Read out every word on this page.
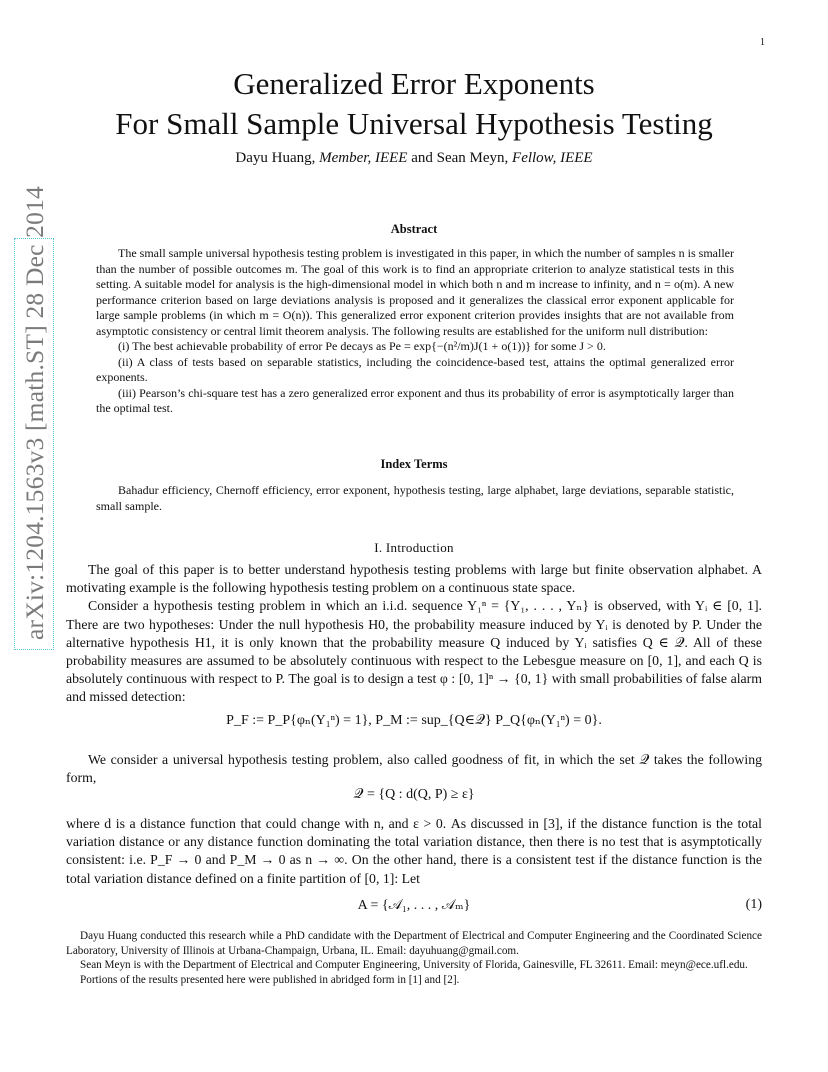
1
arXiv:1204.1563v3 [math.ST] 28 Dec 2014
Generalized Error Exponents
For Small Sample Universal Hypothesis Testing
Dayu Huang, Member, IEEE and Sean Meyn, Fellow, IEEE
Abstract

The small sample universal hypothesis testing problem is investigated in this paper, in which the number of samples n is smaller than the number of possible outcomes m. The goal of this work is to find an appropriate criterion to analyze statistical tests in this setting. A suitable model for analysis is the high-dimensional model in which both n and m increase to infinity, and n = o(m). A new performance criterion based on large deviations analysis is proposed and it generalizes the classical error exponent applicable for large sample problems (in which m = O(n)). This generalized error exponent criterion provides insights that are not available from asymptotic consistency or central limit theorem analysis. The following results are established for the uniform null distribution:

(i) The best achievable probability of error Pe decays as Pe = exp{−(n²/m)J(1 + o(1))} for some J > 0.

(ii) A class of tests based on separable statistics, including the coincidence-based test, attains the optimal generalized error exponents.

(iii) Pearson’s chi-square test has a zero generalized error exponent and thus its probability of error is asymptotically larger than the optimal test.

Index Terms

Bahadur efficiency, Chernoff efficiency, error exponent, hypothesis testing, large alphabet, large deviations, separable statistic, small sample.

I. Introduction

The goal of this paper is to better understand hypothesis testing problems with large but finite observation alphabet. A motivating example is the following hypothesis testing problem on a continuous state space.

Consider a hypothesis testing problem in which an i.i.d. sequence Y₁ⁿ = {Y₁, . . . , Yₙ} is observed, with Yᵢ ∈ [0, 1]. There are two hypotheses: Under the null hypothesis H0, the probability measure induced by Yᵢ is denoted by P. Under the alternative hypothesis H1, it is only known that the probability measure Q induced by Yᵢ satisfies Q ∈ 𝒬. All of these probability measures are assumed to be absolutely continuous with respect to the Lebesgue measure on [0, 1], and each Q is absolutely continuous with respect to P. The goal is to design a test φ : [0, 1]ⁿ → {0, 1} with small probabilities of false alarm and missed detection:

P_F := P_P{φₙ(Y₁ⁿ) = 1}, P_M := sup_{Q∈𝒬} P_Q{φₙ(Y₁ⁿ) = 0}.

We consider a universal hypothesis testing problem, also called goodness of fit, in which the set 𝒬 takes the following form,

𝒬 = {Q : d(Q, P) ≥ ε}

where d is a distance function that could change with n, and ε > 0. As discussed in [3], if the distance function is the total variation distance or any distance function dominating the total variation distance, then there is no test that is asymptotically consistent: i.e. P_F → 0 and P_M → 0 as n → ∞. On the other hand, there is a consistent test if the distance function is the total variation distance defined on a finite partition of [0, 1]: Let

A = {𝒜₁, . . . , 𝒜ₘ}	(1)

Dayu Huang conducted this research while a PhD candidate with the Department of Electrical and Computer Engineering and the Coordinated Science Laboratory, University of Illinois at Urbana-Champaign, Urbana, IL. Email: dayuhuang@gmail.com.

Sean Meyn is with the Department of Electrical and Computer Engineering, University of Florida, Gainesville, FL 32611. Email: meyn@ece.ufl.edu.

Portions of the results presented here were published in abridged form in [1] and [2].
